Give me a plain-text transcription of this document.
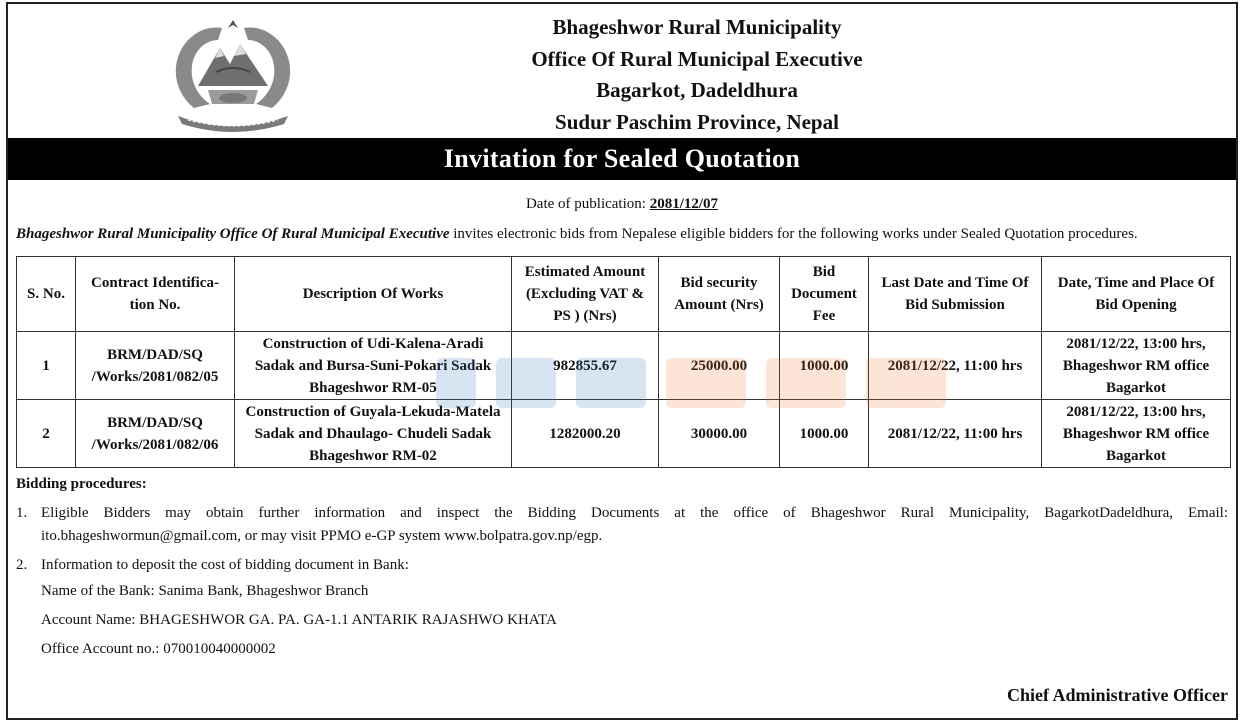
Bhageshwor Rural Municipality
Office Of Rural Municipal Executive
Bagarkot, Dadeldhura
Sudur Paschim Province, Nepal
Invitation for Sealed Quotation
Date of publication: 2081/12/07
Bhageshwor Rural Municipality Office Of Rural Municipal Executive invites electronic bids from Nepalese eligible bidders for the following works under Sealed Quotation procedures.
S. No.	Contract Identifica-tion No.	Description Of Works	Estimated Amount (Excluding VAT & PS ) (Nrs)	Bid security Amount (Nrs)	Bid Document Fee	Last Date and Time Of Bid Submission	Date, Time and Place Of Bid Opening
1	BRM/DAD/SQ /Works/2081/082/05	Construction of Udi-Kalena-Aradi Sadak and Bursa-Suni-Pokari Sadak Bhageshwor RM-05	982855.67	25000.00	1000.00	2081/12/22, 11:00 hrs	2081/12/22, 13:00 hrs, Bhageshwor RM office Bagarkot
2	BRM/DAD/SQ /Works/2081/082/06	Construction of Guyala-Lekuda-Matela Sadak and Dhaulago- Chudeli Sadak Bhageshwor RM-02	1282000.20	30000.00	1000.00	2081/12/22, 11:00 hrs	2081/12/22, 13:00 hrs, Bhageshwor RM office Bagarkot
Bidding procedures:
1. Eligible Bidders may obtain further information and inspect the Bidding Documents at the office of Bhageshwor Rural Municipality, BagarkotDadeldhura, Email:
ito.bhageshwormun@gmail.com, or may visit PPMO e-GP system www.bolpatra.gov.np/egp.
2. Information to deposit the cost of bidding document in Bank:
Name of the Bank: Sanima Bank, Bhageshwor Branch
Account Name: BHAGESHWOR GA. PA. GA-1.1 ANTARIK RAJASHWO KHATA
Office Account no.: 070010040000002
Chief Administrative Officer
